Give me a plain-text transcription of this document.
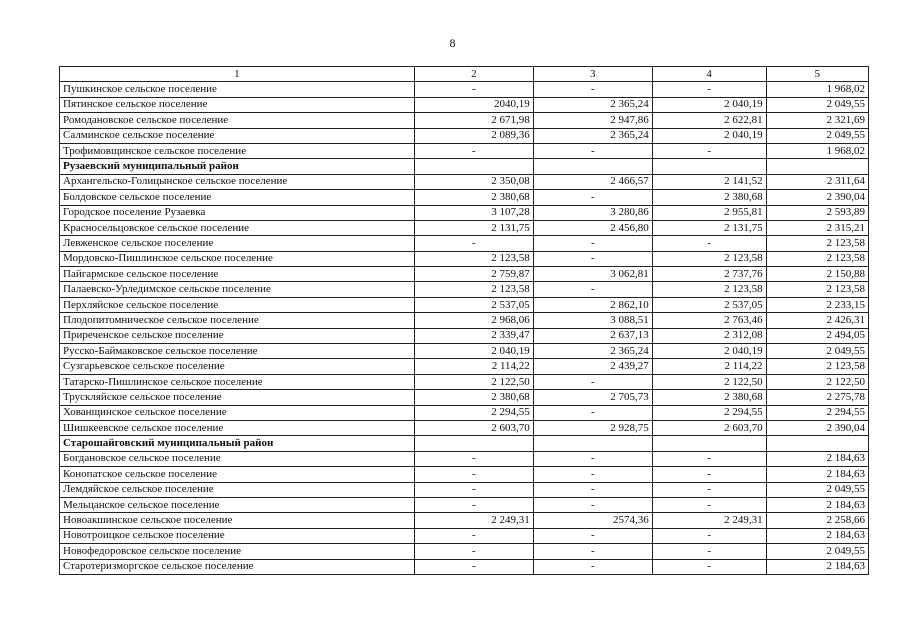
8
1	2	3	4	5
Пушкинское сельское поселение	-	-	-	1 968,02
Пятинское сельское поселение	2040,19	2 365,24	2 040,19	2 049,55
Ромодановское сельское поселение	2 671,98	2 947,86	2 622,81	2 321,69
Салминское сельское поселение	2 089,36	2 365,24	2 040,19	2 049,55
Трофимовщинское сельское поселение	-	-	-	1 968,02
Рузаевский муниципальный район				
Архангельско-Голицынское сельское поселение	2 350,08	2 466,57	2 141,52	2 311,64
Болдовское сельское поселение	2 380,68	-	2 380,68	2 390,04
Городское поселение Рузаевка	3 107,28	3 280,86	2 955,81	2 593,89
Красносельцовское сельское поселение	2 131,75	2 456,80	2 131,75	2 315,21
Левженское сельское поселение	-	-	-	2 123,58
Мордовско-Пишлинское сельское поселение	2 123,58	-	2 123,58	2 123,58
Пайгармское сельское поселение	2 759,87	3 062,81	2 737,76	2 150,88
Палаевско-Урледимское сельское поселение	2 123,58	-	2 123,58	2 123,58
Перхляйское сельское поселение	2 537,05	2 862,10	2 537,05	2 233,15
Плодопитомническое сельское поселение	2 968,06	3 088,51	2 763,46	2 426,31
Приреченское сельское поселение	2 339,47	2 637,13	2 312,08	2 494,05
Русско-Баймаковское сельское поселение	2 040,19	2 365,24	2 040,19	2 049,55
Сузгарьевское сельское поселение	2 114,22	2 439,27	2 114,22	2 123,58
Татарско-Пишлинское сельское поселение	2 122,50	-	2 122,50	2 122,50
Трускляйское сельское поселение	2 380,68	2 705,73	2 380,68	2 275,78
Хованщинское сельское поселение	2 294,55	-	2 294,55	2 294,55
Шишкеевское сельское поселение	2 603,70	2 928,75	2 603,70	2 390,04
Старошайговский муниципальный район				
Богдановское сельское поселение	-	-	-	2 184,63
Конопатское сельское поселение	-	-	-	2 184,63
Лемдяйское сельское поселение	-	-	-	2 049,55
Мельцанское сельское поселение	-	-	-	2 184,63
Новоакшинское сельское поселение	2 249,31	2574,36	2 249,31	2 258,66
Новотроицкое сельское поселение	-	-	-	2 184,63
Новофедоровское сельское поселение	-	-	-	2 049,55
Старотеризморгское сельское поселение	-	-	-	2 184,63
